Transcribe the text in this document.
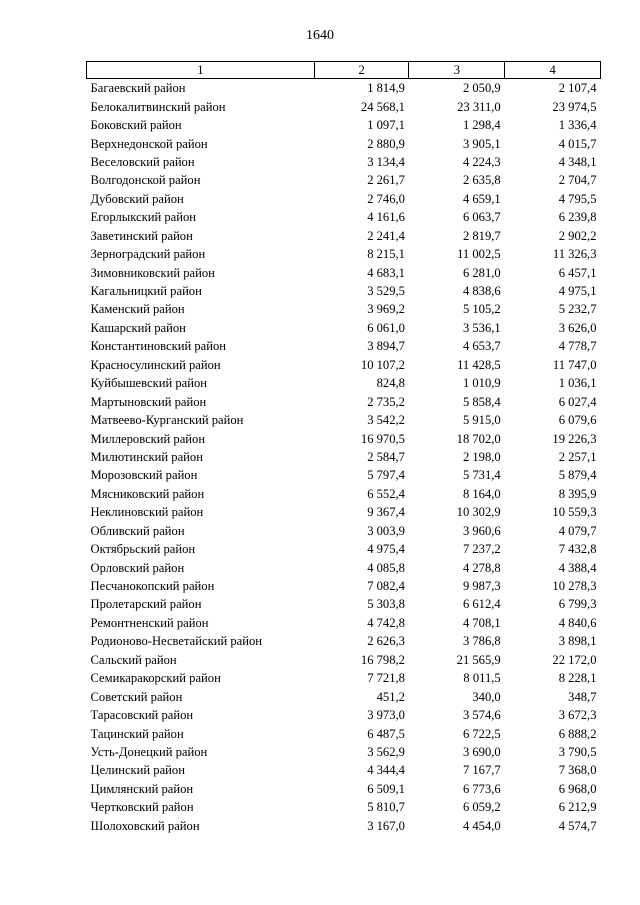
1640
1	2	3	4
Багаевский район	1 814,9	2 050,9	2 107,4
Белокалитвинский район	24 568,1	23 311,0	23 974,5
Боковский район	1 097,1	1 298,4	1 336,4
Верхнедонской район	2 880,9	3 905,1	4 015,7
Веселовский район	3 134,4	4 224,3	4 348,1
Волгодонской район	2 261,7	2 635,8	2 704,7
Дубовский район	2 746,0	4 659,1	4 795,5
Егорлыкский район	4 161,6	6 063,7	6 239,8
Заветинский район	2 241,4	2 819,7	2 902,2
Зерноградский район	8 215,1	11 002,5	11 326,3
Зимовниковский район	4 683,1	6 281,0	6 457,1
Кагальницкий район	3 529,5	4 838,6	4 975,1
Каменский район	3 969,2	5 105,2	5 232,7
Кашарский район	6 061,0	3 536,1	3 626,0
Константиновский район	3 894,7	4 653,7	4 778,7
Красносулинский район	10 107,2	11 428,5	11 747,0
Куйбышевский район	824,8	1 010,9	1 036,1
Мартыновский район	2 735,2	5 858,4	6 027,4
Матвеево-Курганский район	3 542,2	5 915,0	6 079,6
Миллеровский район	16 970,5	18 702,0	19 226,3
Милютинский район	2 584,7	2 198,0	2 257,1
Морозовский район	5 797,4	5 731,4	5 879,4
Мясниковский район	6 552,4	8 164,0	8 395,9
Неклиновский район	9 367,4	10 302,9	10 559,3
Обливский район	3 003,9	3 960,6	4 079,7
Октябрьский район	4 975,4	7 237,2	7 432,8
Орловский район	4 085,8	4 278,8	4 388,4
Песчанокопский район	7 082,4	9 987,3	10 278,3
Пролетарский район	5 303,8	6 612,4	6 799,3
Ремонтненский район	4 742,8	4 708,1	4 840,6
Родионово-Несветайский район	2 626,3	3 786,8	3 898,1
Сальский район	16 798,2	21 565,9	22 172,0
Семикаракорский район	7 721,8	8 011,5	8 228,1
Советский район	451,2	340,0	348,7
Тарасовский район	3 973,0	3 574,6	3 672,3
Тацинский район	6 487,5	6 722,5	6 888,2
Усть-Донецкий район	3 562,9	3 690,0	3 790,5
Целинский район	4 344,4	7 167,7	7 368,0
Цимлянский район	6 509,1	6 773,6	6 968,0
Чертковский район	5 810,7	6 059,2	6 212,9
Шолоховский район	3 167,0	4 454,0	4 574,7
